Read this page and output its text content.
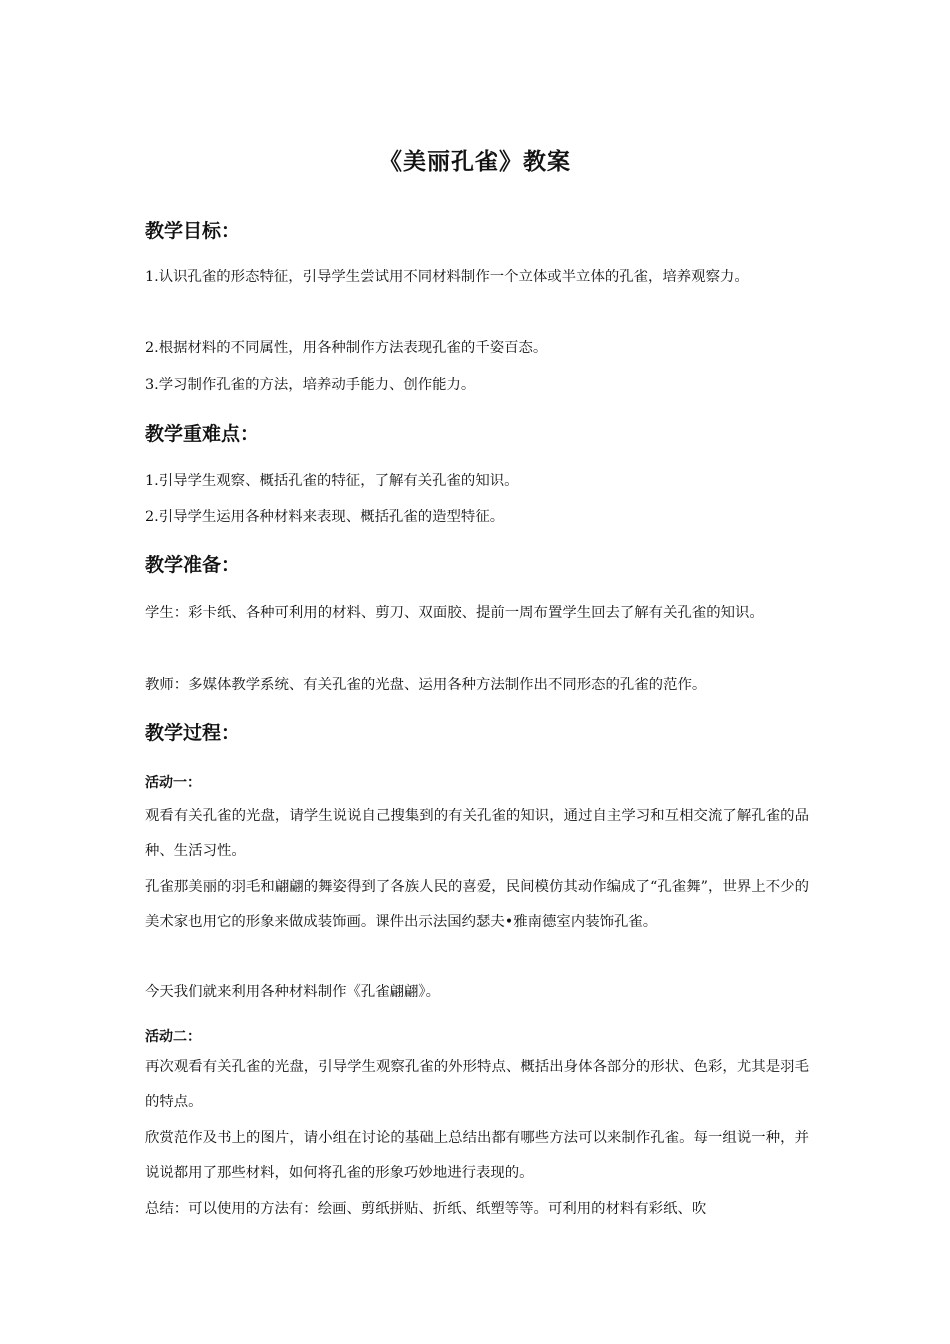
《美丽孔雀》教案
教学目标：

1.认识孔雀的形态特征，引导学生尝试用不同材料制作一个立体或半立体的孔雀，培养观察力。

2.根据材料的不同属性，用各种制作方法表现孔雀的千姿百态。

3.学习制作孔雀的方法，培养动手能力、创作能力。

教学重难点：

1.引导学生观察、概括孔雀的特征，了解有关孔雀的知识。

2.引导学生运用各种材料来表现、概括孔雀的造型特征。

教学准备：

学生：彩卡纸、各种可利用的材料、剪刀、双面胶、提前一周布置学生回去了解有关孔雀的知识。

教师：多媒体教学系统、有关孔雀的光盘、运用各种方法制作出不同形态的孔雀的范作。

教学过程：
活动一：

观看有关孔雀的光盘，请学生说说自己搜集到的有关孔雀的知识，通过自主学习和互相交流了解孔雀的品种、生活习性。

孔雀那美丽的羽毛和翩翩的舞姿得到了各族人民的喜爱，民间模仿其动作编成了“孔雀舞”，世界上不少的美术家也用它的形象来做成装饰画。课件出示法国约瑟夫•雅南德室内装饰孔雀。

今天我们就来利用各种材料制作《孔雀翩翩》。

活动二：

再次观看有关孔雀的光盘，引导学生观察孔雀的外形特点、概括出身体各部分的形状、色彩，尤其是羽毛的特点。

欣赏范作及书上的图片，请小组在讨论的基础上总结出都有哪些方法可以来制作孔雀。每一组说一种，并说说都用了那些材料，如何将孔雀的形象巧妙地进行表现的。

总结：可以使用的方法有：绘画、剪纸拼贴、折纸、纸塑等等。可利用的材料有彩纸、吹
